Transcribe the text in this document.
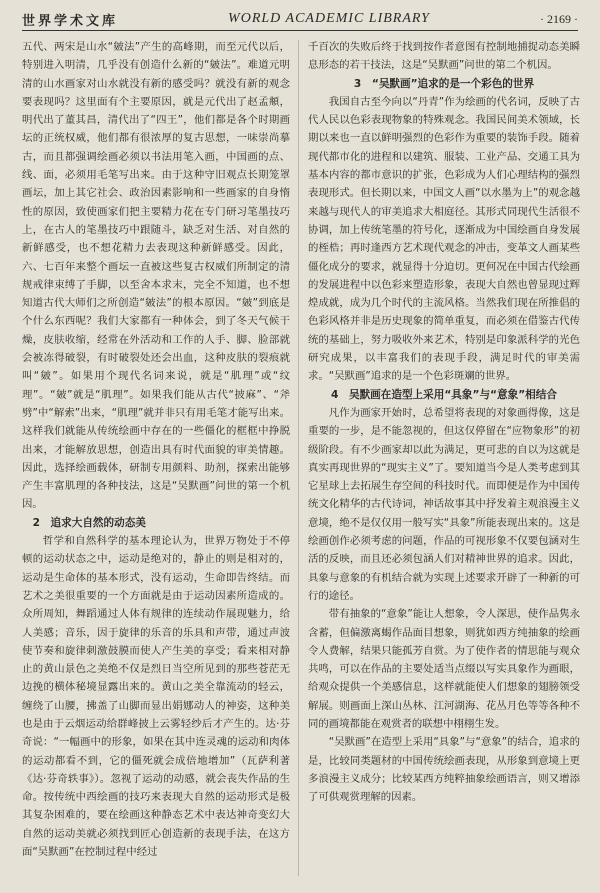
世界学术文库	WORLD ACADEMIC LIBRARY	· 2169 ·

五代、两宋是山水“皴法”产生的高峰期，而至元代以后，特别进入明清，几乎没有创造什么新的“皴法”。难道元明清的山水画家对山水就没有新的感受吗？就没有新的观念要表现吗？这里面有个主要原因，就是元代出了赵孟頫，明代出了董其昌，清代出了“四王”，他们都是各个时期画坛的正统权威，他们都有很浓厚的复古思想，一味崇尚摹古，而且都强调绘画必须以书法用笔入画，中国画的点、线、面，必须用毛笔写出来。由于这种守旧观点长期笼罩画坛，加上其它社会、政治因素影响和一些画家的自身惰性的原因，致使画家们把主要精力花在专门研习笔墨技巧上，在古人的笔墨技巧中跟随斗，缺乏对生活、对自然的新鲜感受，也不想花精力去表现这种新鲜感受。因此，六、七百年来整个画坛一直被这些复古权威们所制定的清规戒律束缚了手脚，以至舍本求末，完全不知道，也不想知道古代大师们之所创造“皴法”的根本原因。“皴”到底是个什么东西呢？我们大家都有一种体会，到了冬天气候干燥，皮肤收缩，经常在外活动和工作的人手、脚、脸部就会被冻得破裂，有时破裂处还会出血，这种皮肤的裂痕就叫“皴”。如果用个现代名词来说，就是“肌理”或“纹理”。“皴”就是“肌理”。如果我们能从古代“披麻”、“斧劈”中“解索”出来，“肌理”就并非只有用毛笔才能写出来。这样我们就能从传统绘画中存在的一些僵化的框框中挣脱出来，才能解放思想，创造出具有时代面貌的审美情趣。因此，选择绘画载体，研制专用颜料、助剂，探索出能够产生丰富肌理的各种技法，这是“吴默画”问世的第一个机因。

2　追求大自然的动态美

哲学和自然科学的基本理论认为，世界万物处于不停顿的运动状态之中，运动是绝对的，静止的则是相对的，运动是生命体的基本形式，没有运动，生命即告终结。而艺术之美很重要的一个方面就是由于运动因素所造成的。众所周知，舞蹈通过人体有规律的连续动作展现魅力，给人美感；音乐，因于旋律的乐音的乐具和声带，通过声波使节奏和旋律刺激鼓膜而使人产生美的享受；看来相对静止的黄山景色之美绝不仅是烈日当空所见到的那些苍茫无边挽的横体秘境显露出来的。黄山之美全靠流动的轻云，缠绕了山腰，拂盖了山脚而显出娟娜动人的神姿，这种美也是由于云烟运动给群峰披上云雾轻纱后才产生的。达·芬奇说：“一幅画中的形象，如果在其中连灵魂的运动和肉体的运动都看不到，它的僵死就会成倍地增加”（瓦萨利著《达·芬奇轶事》）。忽视了运动的动感，就会丧失作品的生命。按传统中西绘画的技巧来表现大自然的运动形式是极其复杂困难的，要在绘画这种静态艺术中表达神奇变幻大自然的运动美就必须找到匠心创造新的表现手法，在这方面“吴默画”在控制过程中经过

千百次的失败后终于找到按作者意图有控制地捕捉动态美瞬息形态的若干技法，这是“吴默画”问世的第二个机因。

3　“吴默画”追求的是一个彩色的世界

我国自古至今向以“丹青”作为绘画的代名词，反映了古代人民以色彩表现物象的特殊观念。我国民间美术领域，长期以来也一直以鲜明强烈的色彩作为重要的装饰手段。随着现代都市化的进程和以建筑、服装、工业产品、交通工具为基本内容的都市意识的扩张，色彩成为人们心理结构的强烈表现形式。但长期以来，中国文人画“以水墨为上”的观念越来越与现代人的审美追求大相庭径。其形式同现代生活很不协调，加上传统笔墨的符号化，逐渐成为中国绘画自身发展的桎梏；再时逢西方艺术现代观念的冲击，变革文人画某些僵化成分的要求，就显得十分迫切。更何况在中国古代绘画的发展进程中以色彩来塑造形象，表现大自然也曾显现过辉煌成就，成为几个时代的主流风格。当然我们现在所推倡的色彩风格并非是历史现象的简单重复，而必须在借鉴古代传统的基础上，努力吸收外来艺术，特别是印象派科学的光色研究成果，以丰富我们的表现手段，满足时代的审美需求。“吴默画”追求的是一个色彩斑斓的世界。

4　吴默画在造型上采用“具象”与“意象”相结合

凡作为画家开始时，总希望将表现的对象画得像，这是重要的一步，是不能忽视的，但这仅停留在“应物象形”的初级阶段。有不少画家却以此为满足，更可悲的自以为这就是真实再现世界的“现实主义”了。要知道当今是人类考虑到其它星球上去拓展生存空间的科技时代。而即便是作为中国传统文化精华的古代诗词，神话故事其中抒发着主观浪漫主义意境，绝不是仅仅用一般写实“具象”所能表现出来的。这是绘画创作必须考虑的问题，作品的可视形象不仅要包涵对生活的反映，而且还必须包涵人们对精神世界的追求。因此，具象与意象的有机结合就为实现上述要求开辟了一种新的可行的途径。

带有抽象的“意象”能让人想象，令人深思，使作品隽永含蓄，但偏激离蝎作品面目想象，则犹如西方纯抽象的绘画令人费解，结果只能孤芳自赏。为了使作者的情思能与观众共鸣，可以在作品的主要处适当点缀以写实具象作为画眼，给观众提供一个美感信息，这样就能使人们想象的翅膀领受解展。则画面上深山丛林、江河湖海、花丛月色等等各种不同的画境都能在观赏者的联想中栩栩生发。

“吴默画”在造型上采用“具象”与“意象”的结合，追求的是，比较同类题材的中国传统绘画表现，从形象到意境上更多浪漫主义成分；比较某西方纯粹抽象绘画语言，则又增添了可供观赏理解的因素。
